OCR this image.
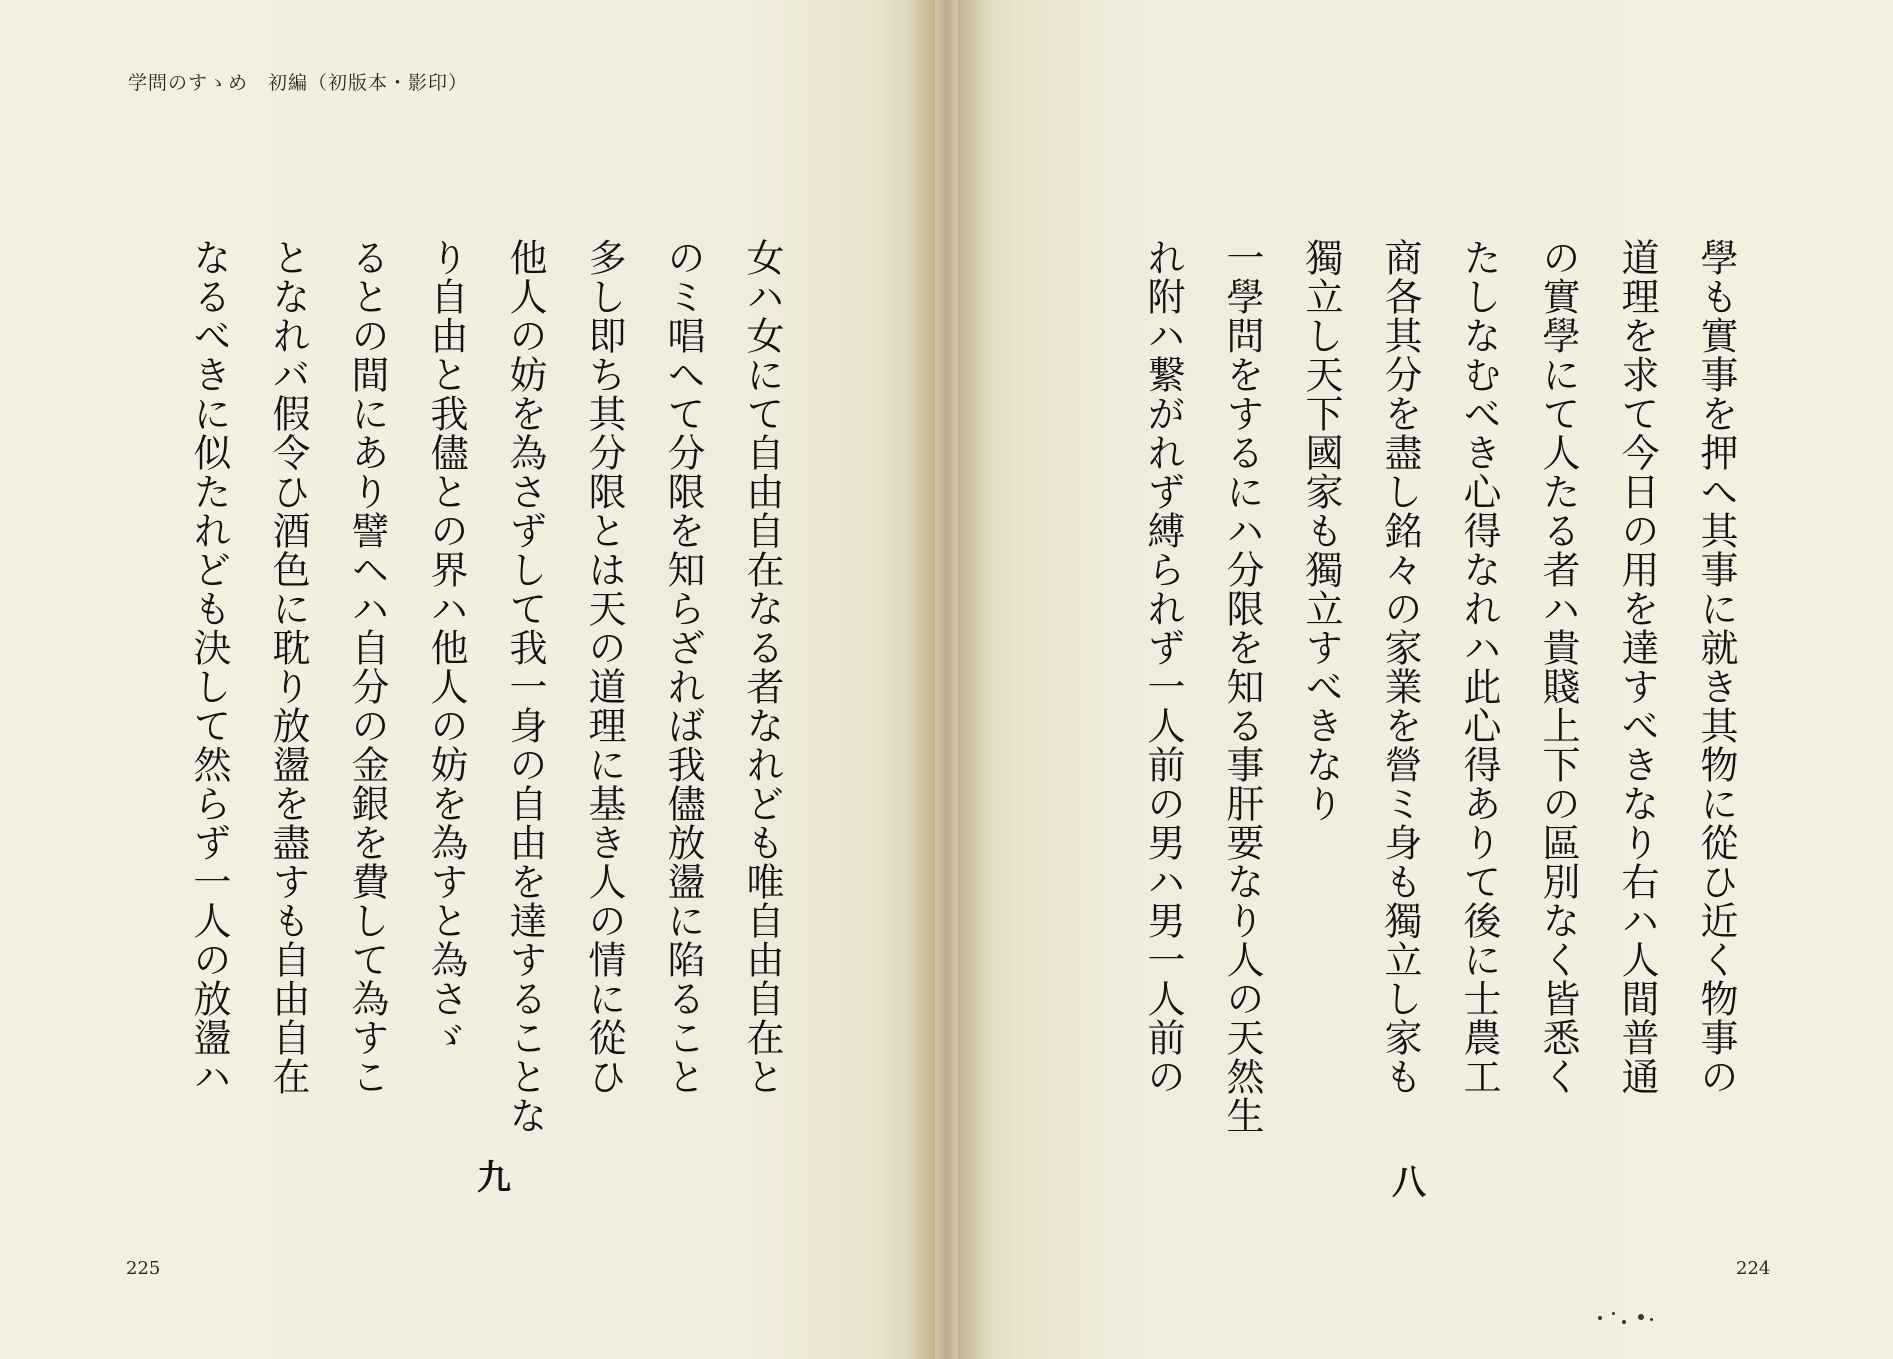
学問のすゝめ　初編（初版本・影印）
女ハ女にて自由自在なる者なれども唯自由自在と
のミ唱へて分限を知らざれば我儘放盪に陷ること
多し即ち其分限とは天の道理に基き人の情に從ひ
他人の妨を為さずして我一身の自由を達することな
り自由と我儘との界ハ他人の妨を為すと為さゞ
るとの間にあり譬ヘハ自分の金銀を費して為すこ
となれバ假令ひ酒色に耽り放盪を盡すも自由自在
なるべきに似たれども決して然らず一人の放盪ハ
九
225
學も實事を押へ其事に就き其物に從ひ近く物事の
道理を求て今日の用を達すべきなり右ハ人間普通
の實學にて人たる者ハ貴賤上下の區別なく皆悉く
たしなむべき心得なれハ此心得ありて後に士農工
商各其分を盡し銘々の家業を營ミ身も獨立し家も
獨立し天下國家も獨立すべきなり
一學問をするにハ分限を知る事肝要なり人の天然生
れ附ハ繋がれず縛られず一人前の男ハ男一人前の
八
224
